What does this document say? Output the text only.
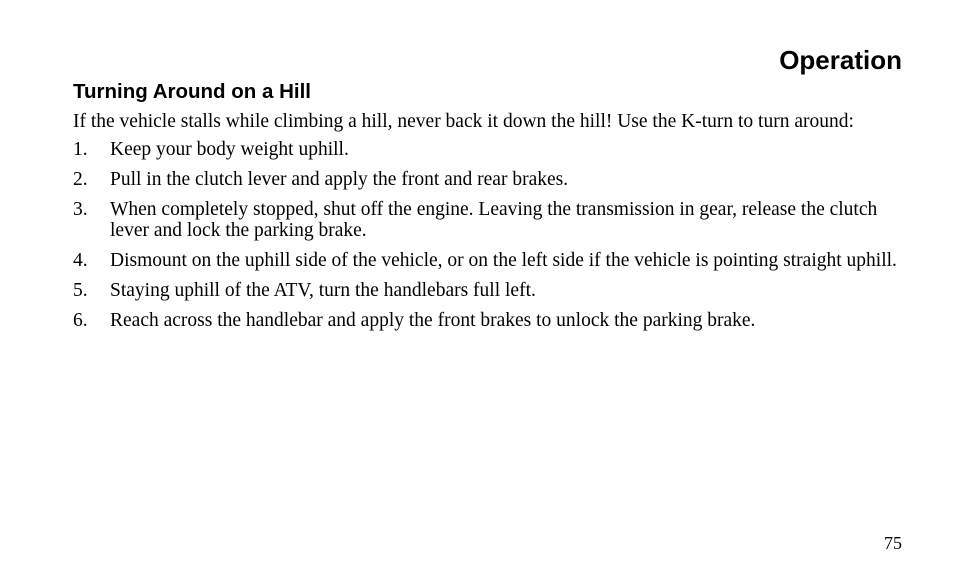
Operation
Turning Around on a Hill

If the vehicle stalls while climbing a hill, never back it down the hill! Use the K-turn to turn around:

1.	Keep your body weight uphill.
2.	Pull in the clutch lever and apply the front and rear brakes.
3.	When completely stopped, shut off the engine. Leaving the transmission in gear, release the clutch lever and lock the parking brake.
4.	Dismount on the uphill side of the vehicle, or on the left side if the vehicle is pointing straight uphill.
5.	Staying uphill of the ATV, turn the handlebars full left.
6.	Reach across the handlebar and apply the front brakes to unlock the parking brake.

75
